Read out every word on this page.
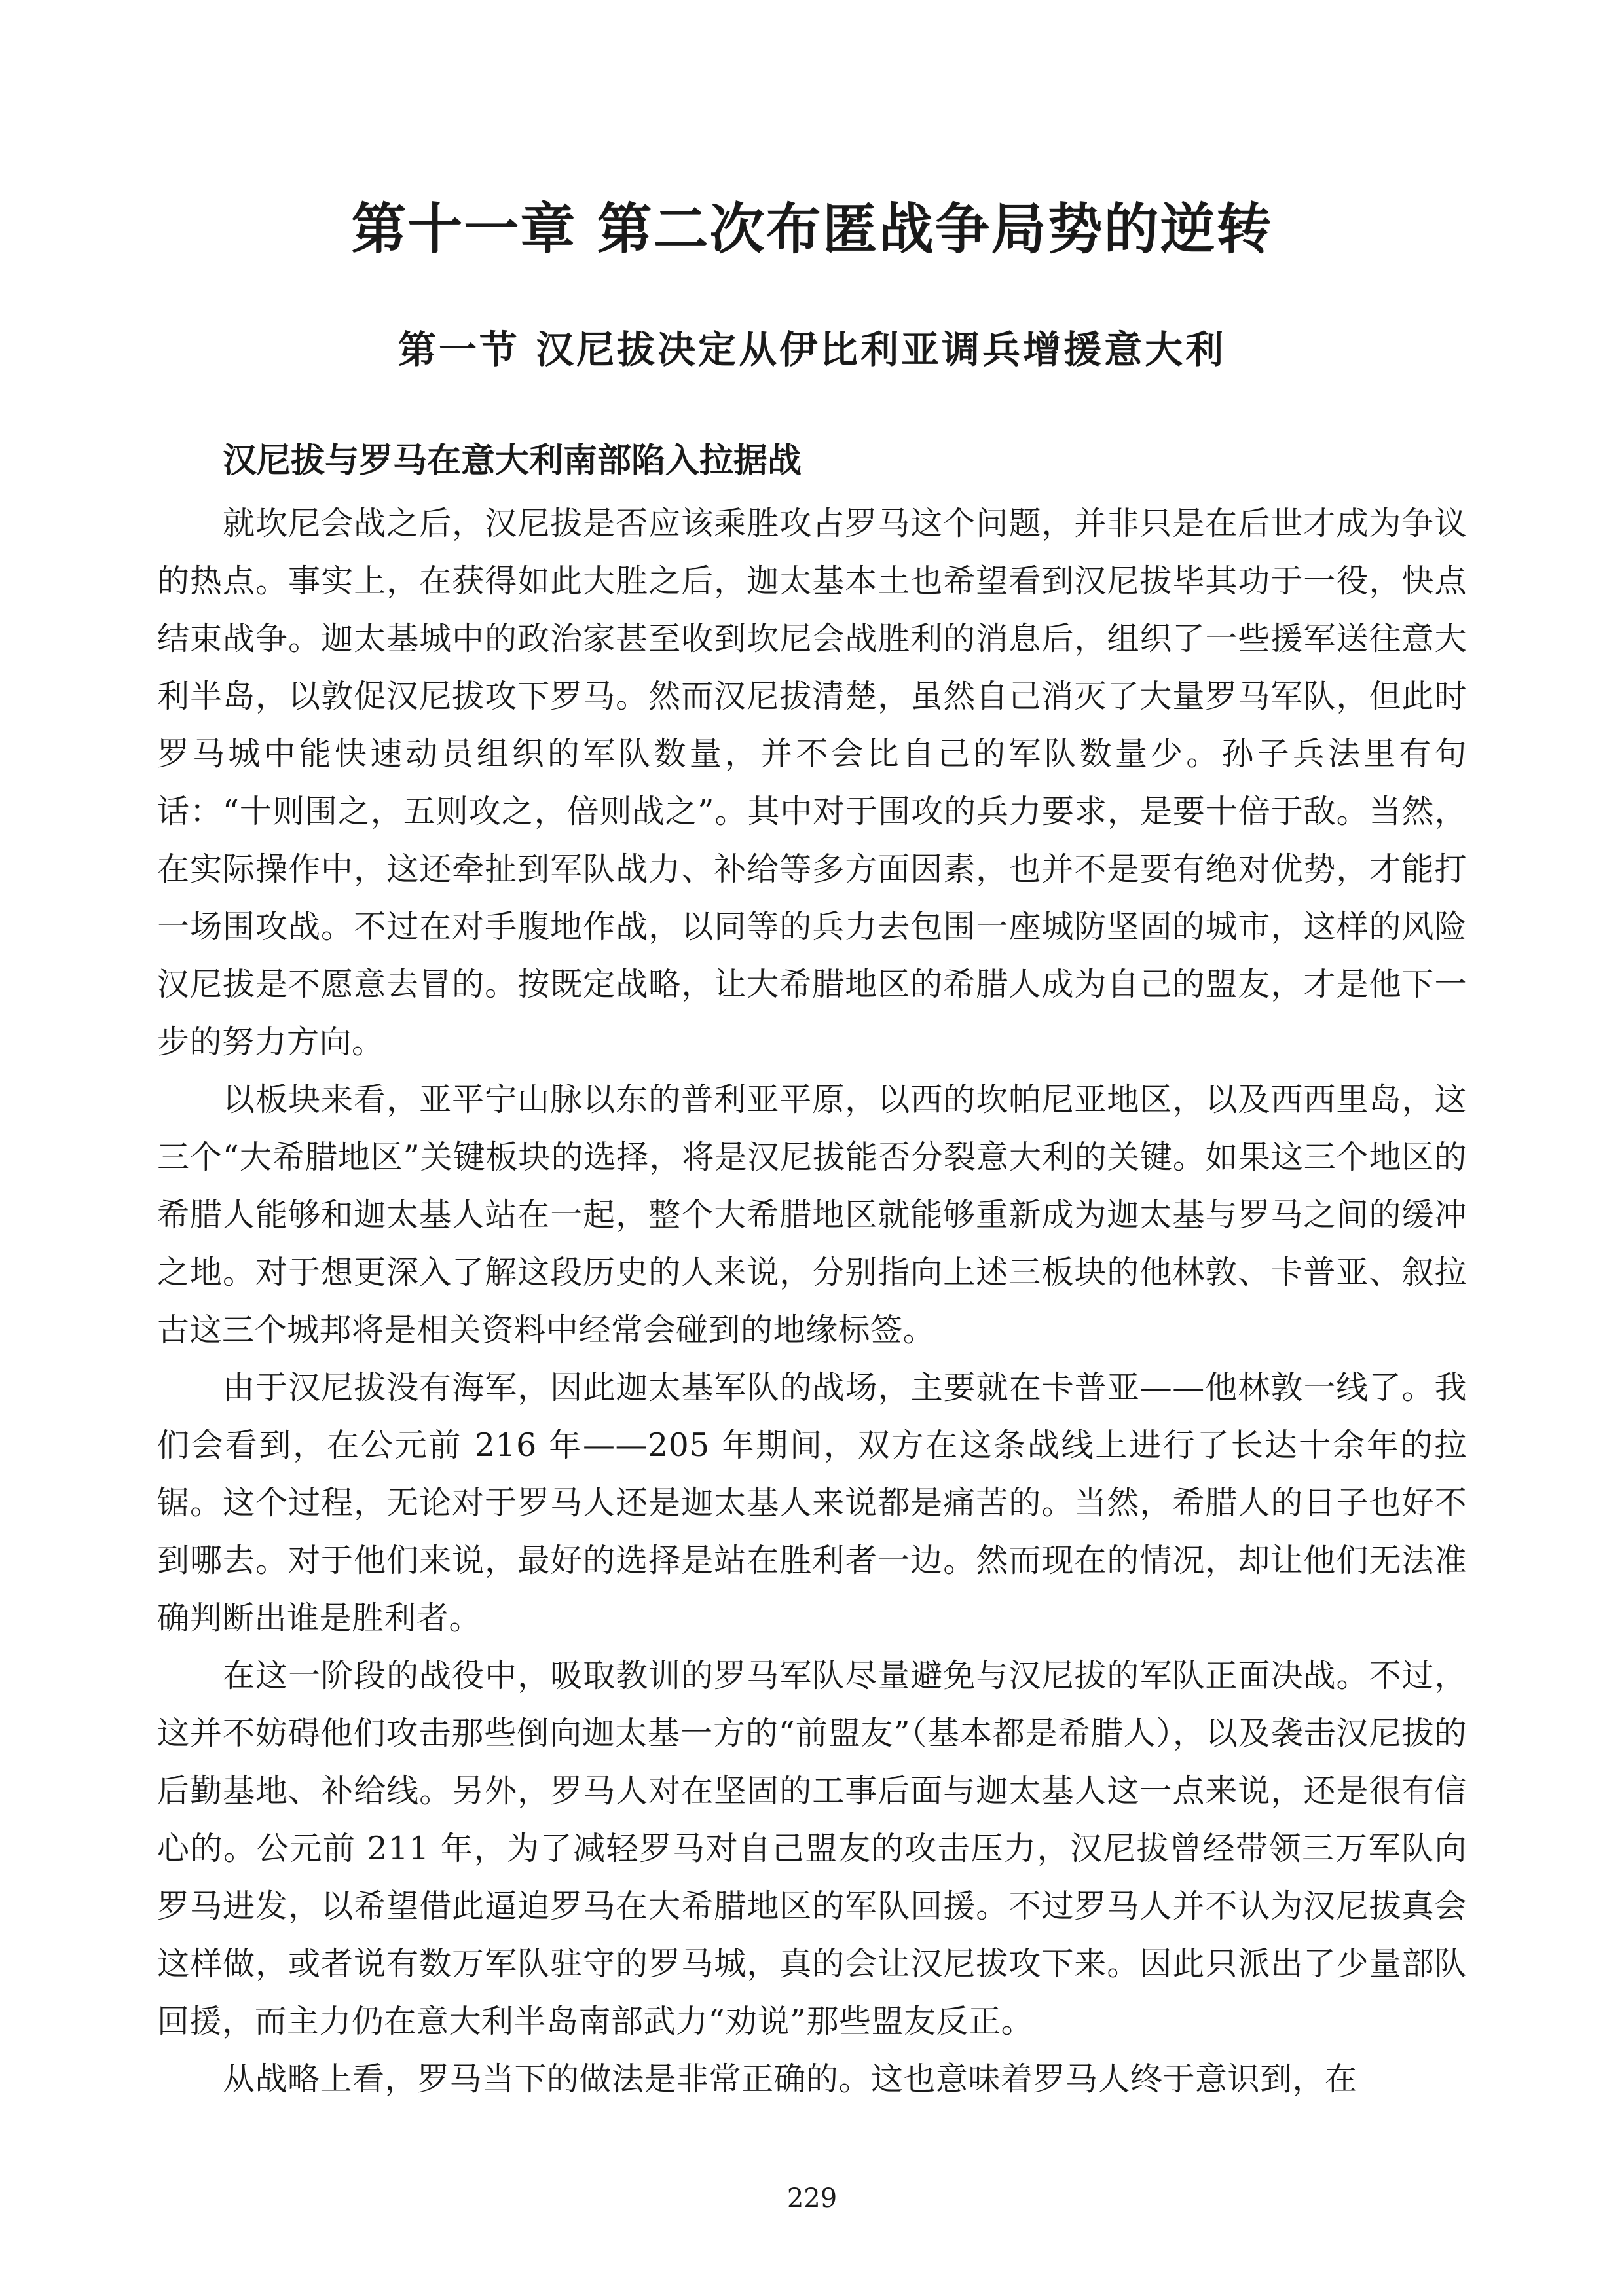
第十一章 第二次布匿战争局势的逆转
第一节 汉尼拔决定从伊比利亚调兵增援意大利
汉尼拔与罗马在意大利南部陷入拉据战

就坎尼会战之后，汉尼拔是否应该乘胜攻占罗马这个问题，并非只是在后世才成为争议的热点。事实上，在获得如此大胜之后，迦太基本土也希望看到汉尼拔毕其功于一役，快点结束战争。迦太基城中的政治家甚至收到坎尼会战胜利的消息后，组织了一些援军送往意大利半岛，以敦促汉尼拔攻下罗马。然而汉尼拔清楚，虽然自己消灭了大量罗马军队，但此时罗马城中能快速动员组织的军队数量，并不会比自己的军队数量少。孙子兵法里有句话：“十则围之，五则攻之，倍则战之”。其中对于围攻的兵力要求，是要十倍于敌。当然，在实际操作中，这还牵扯到军队战力、补给等多方面因素，也并不是要有绝对优势，才能打一场围攻战。不过在对手腹地作战，以同等的兵力去包围一座城防坚固的城市，这样的风险汉尼拔是不愿意去冒的。按既定战略，让大希腊地区的希腊人成为自己的盟友，才是他下一步的努力方向。

以板块来看，亚平宁山脉以东的普利亚平原，以西的坎帕尼亚地区，以及西西里岛，这三个“大希腊地区”关键板块的选择，将是汉尼拔能否分裂意大利的关键。如果这三个地区的希腊人能够和迦太基人站在一起，整个大希腊地区就能够重新成为迦太基与罗马之间的缓冲之地。对于想更深入了解这段历史的人来说，分别指向上述三板块的他林敦、卡普亚、叙拉古这三个城邦将是相关资料中经常会碰到的地缘标签。

由于汉尼拔没有海军，因此迦太基军队的战场，主要就在卡普亚——他林敦一线了。我们会看到，在公元前 216 年——205 年期间，双方在这条战线上进行了长达十余年的拉锯。这个过程，无论对于罗马人还是迦太基人来说都是痛苦的。当然，希腊人的日子也好不到哪去。对于他们来说，最好的选择是站在胜利者一边。然而现在的情况，却让他们无法准确判断出谁是胜利者。

在这一阶段的战役中，吸取教训的罗马军队尽量避免与汉尼拔的军队正面决战。不过，这并不妨碍他们攻击那些倒向迦太基一方的“前盟友”（基本都是希腊人），以及袭击汉尼拔的后勤基地、补给线。另外，罗马人对在坚固的工事后面与迦太基人这一点来说，还是很有信心的。公元前 211 年，为了减轻罗马对自己盟友的攻击压力，汉尼拔曾经带领三万军队向罗马进发，以希望借此逼迫罗马在大希腊地区的军队回援。不过罗马人并不认为汉尼拔真会这样做，或者说有数万军队驻守的罗马城，真的会让汉尼拔攻下来。因此只派出了少量部队回援，而主力仍在意大利半岛南部武力“劝说”那些盟友反正。

从战略上看，罗马当下的做法是非常正确的。这也意味着罗马人终于意识到，在

229
